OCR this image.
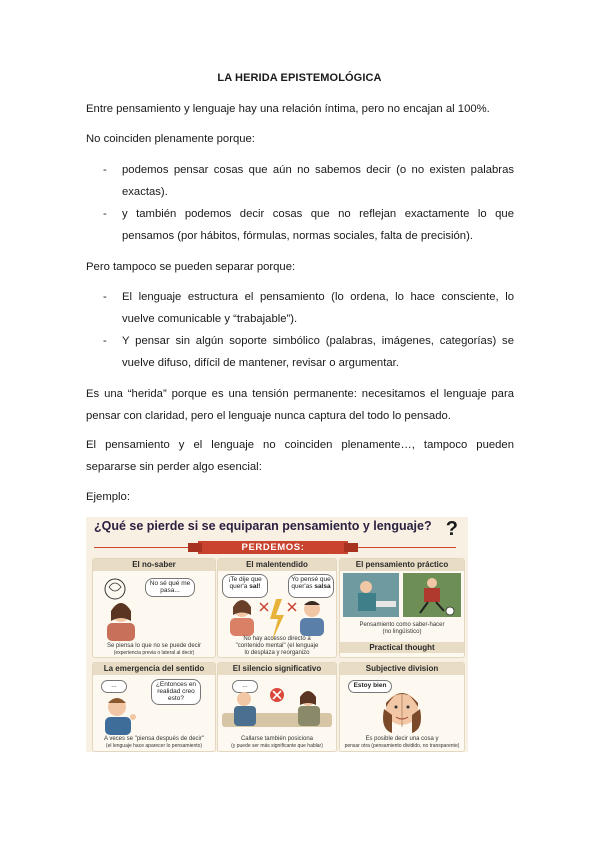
LA HERIDA EPISTEMOLÓGICA
Entre pensamiento y lenguaje hay una relación íntima, pero no encajan al 100%.
No coinciden plenamente porque:
- podemos pensar cosas que aún no sabemos decir (o no existen palabras exactas).
- y también podemos decir cosas que no reflejan exactamente lo que pensamos (por hábitos, fórmulas, normas sociales, falta de precisión).
Pero tampoco se pueden separar porque:
- El lenguaje estructura el pensamiento (lo ordena, lo hace consciente, lo vuelve comunicable y “trabajable”).
- Y pensar sin algún soporte simbólico (palabras, imágenes, categorías) se vuelve difuso, difícil de mantener, revisar o argumentar.
Es una “herida” porque es una tensión permanente: necesitamos el lenguaje para pensar con claridad, pero el lenguaje nunca captura del todo lo pensado.
El pensamiento y el lenguaje no coinciden plenamente…, tampoco pueden separarse sin perder algo esencial:
Ejemplo:
¿Qué se pierde si se equiparan pensamiento y lenguaje? ?
PERDEMOS:
El no-saber
No sé qué me pasa...
Se piensa lo que no se puede decir
(experiencia previa o lateral al decir)
El malentendido
¡Te dije que quer'a sal!
Yo pensé que quer'as salsa
No hay accesso directo a
"contenido mental" (el lenguaje
lo desplaza y reorganizo
El pensamiento práctico
Pensamiento como saber-hacer
(no lingüístico)
Practical thought
La emergencia del sentido
...	¿Entonces en realidad creo esto?
A veces se "piensa después de decir"
(el lenguaje hace aparecer lo pensamiento)
El silencio significativo
...
Callarse también posiciona
(y puede ser más significante que hablar)
Subjective division
Estoy bien
Es posible decir una cosa y
pensar otra (pensamiento dividido, no transparente)
